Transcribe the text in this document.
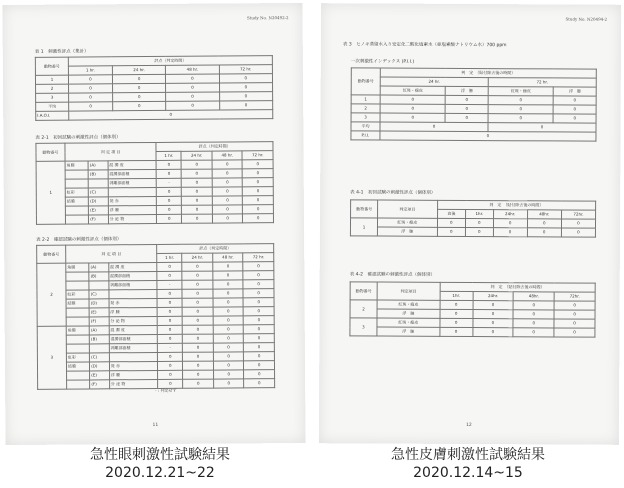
Study No. N20492-2
表 1　刺激性評点（集計）
動物番号	評点（判定時間）			
	1 hr.	24 hr.	48 hr.	72 hr.
1	0	0	0	0
2	0	0	0	0
3	0	0	0	0
平均	0	0	0	0
I.A.O.I.	0			
表 2-1　初回試験の刺激性評点（個体別）
動物番号	判 定 項 目			評点（判定時間）			
				1 hr.	24 hr.	48 hr.	72 hr.
1	角膜	(A)	混 濁 度	0	0	0	0
		(B)	混濁部面積	0	0	0	0
			剥離部面積	-	0	0	0
	虹彩	(C)		0	0	0	0
	結膜	(D)	発 赤	0	0	0	0
		(E)	浮 腫	0	0	0	0
		(F)	分 泌 物	0	0	0	0
表 2-2　確認試験の刺激性評点（個体別）
動物番号	判 定 項 目			評点（判定時間）			
				1 hr.	24 hr.	48 hr.	72 hr.
2	角膜	(A)	混 濁 度	0	0	0	0
		(B)	混濁部面積	0	0	0	0
			剥離部面積	-	0	0	0
	虹彩	(C)		0	0	0	0
	結膜	(D)	発 赤	0	0	0	0
		(E)	浮 腫	0	0	0	0
		(F)	分 泌 物	0	0	0	0
3	角膜	(A)	混 濁 度	0	0	0	0
		(B)	混濁部面積	0	0	0	0
			剥離部面積	-	0	0	0
	虹彩	(C)		0	0	0	0
	結膜	(D)	発 赤	0	0	0	0
		(E)	浮 腫	0	0	0	0
		(F)	分 泌 物	0	0	0	0
- : 判定せず
11
Study No. N20494-2
表 3　ヒノキ蒸留水入り安定化二酸化塩素水（亜塩素酸ナトリウム水）700 ppm
一次刺激性インデックス (P.I.I.)
動物番号	判　定　（貼付除去後の時間）			
	24 hr.		72 hr.	
	紅斑・痂皮	浮　腫	紅斑・痂皮	浮　腫
1	0	0	0	0
2	0	0	0	0
3	0	0	0	0
平均	0		0	
P.I.I.	0			
表 4-1　初回試験の刺激性評点（個体別）
動物番号	判定項目	判　定　（貼付除去後の時間）				
		直後	1hr.	24hr.	48hr.	72hr.
1	紅斑・痂皮	0	0	0	0	0
	浮　腫	0	0	0	0	0
表 4-2　確認試験の刺激性評点（個体別）
動物番号	判定項目	判　定　（貼付除去後の時間）			
		1hr.	24hr.	48hr.	72hr.
2	紅斑・痂皮	0	0	0	0
	浮　腫	0	0	0	0
3	紅斑・痂皮	0	0	0	0
	浮　腫	0	0	0	0
12
急性眼刺激性試験結果
2020.12.21~22
急性皮膚刺激性試験結果
2020.12.14~15
